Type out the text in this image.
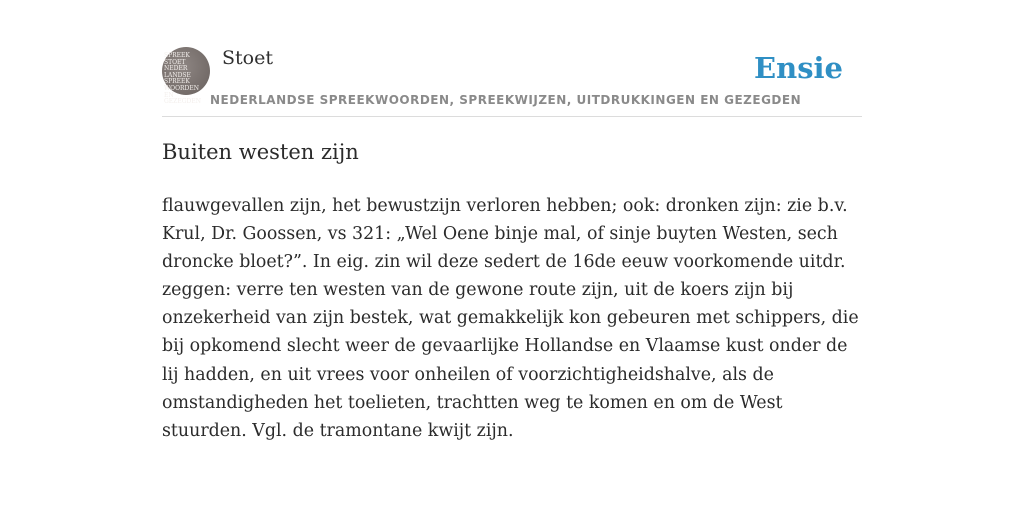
SPREEK STOET NEDER LANDSE SPREEK WOORDEN EN GEZEGDEN
Stoet
NEDERLANDSE SPREEKWOORDEN, SPREEKWIJZEN, UITDRUKKINGEN EN GEZEGDEN
Ensie
Buiten westen zijn

flauwgevallen zijn, het bewustzijn verloren hebben; ook: dronken zijn: zie b.v. Krul, Dr. Goossen, vs 321: „Wel Oene binje mal, of sinje buyten Westen, sech droncke bloet?”. In eig. zin wil deze sedert de 16de eeuw voorkomende uitdr. zeggen: verre ten westen van de gewone route zijn, uit de koers zijn bij onzekerheid van zijn bestek, wat gemakkelijk kon gebeuren met schippers, die bij opkomend slecht weer de gevaarlijke Hollandse en Vlaamse kust onder de lij hadden, en uit vrees voor onheilen of voorzichtigheidshalve, als de omstandigheden het toelieten, trachtten weg te komen en om de West stuurden. Vgl. de tramontane kwijt zijn.
